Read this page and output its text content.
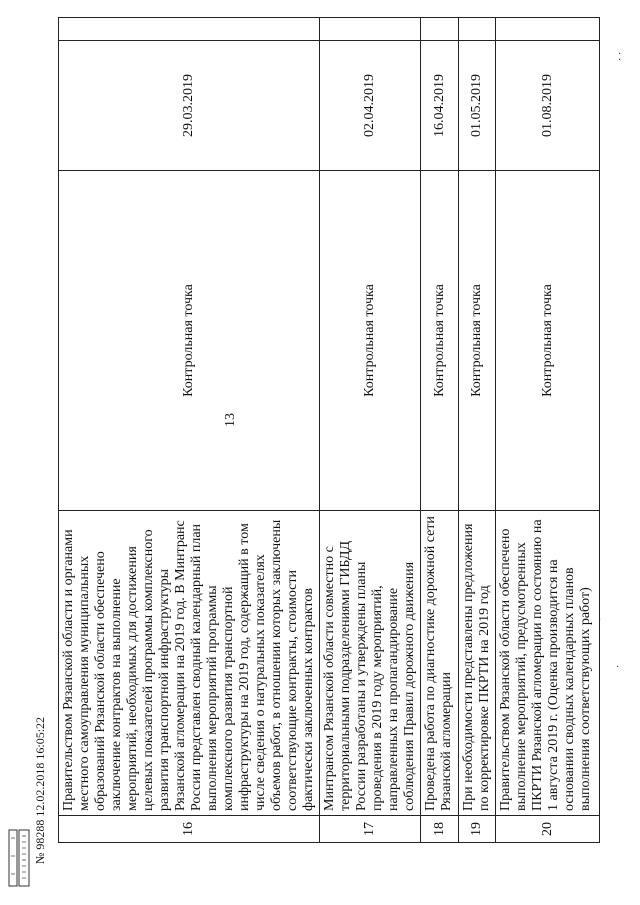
16	Правительством Рязанской области и органами местного самоуправления муниципальных образований Рязанской области обеспечено заключение контрактов на выполнение мероприятий, необходимых для достижения целевых показателей программы комплексного развития транспортной инфраструктуры Рязанской агломерации на 2019 год. В Минтранс России представлен сводный календарный план выполнения мероприятий программы комплексного развития транспортной инфраструктуры на 2019 год, содержащий в том числе сведения о натуральных показателях объемов работ, в отношении которых заключены соответствующие контракты, стоимости фактически заключенных контрактов	Контрольная точка	29.03.2019	
17	Минтрансом Рязанской области совместно с территориальными подразделениями ГИБДД России разработаны и утверждены планы проведения в 2019 году мероприятий, направленных на пропагандирование соблюдения Правил дорожного движения	Контрольная точка	02.04.2019	
18	Проведена работа по диагностике дорожной сети Рязанской агломерации	Контрольная точка	16.04.2019	
19	При необходимости представлены предложения по корректировке ПКРТИ на 2019 год	Контрольная точка	01.05.2019	
20	Правительством Рязанской области обеспечено выполнение мероприятий, предусмотренных ПКРТИ Рязанской агломерации по состоянию на 1 августа 2019 г. (Оценка производится на основании сводных календарных планов выполнения соответствующих работ)	Контрольная точка	01.08.2019	
13
№ 98288 12.02.2018 16:05:22
⁚
·
·
